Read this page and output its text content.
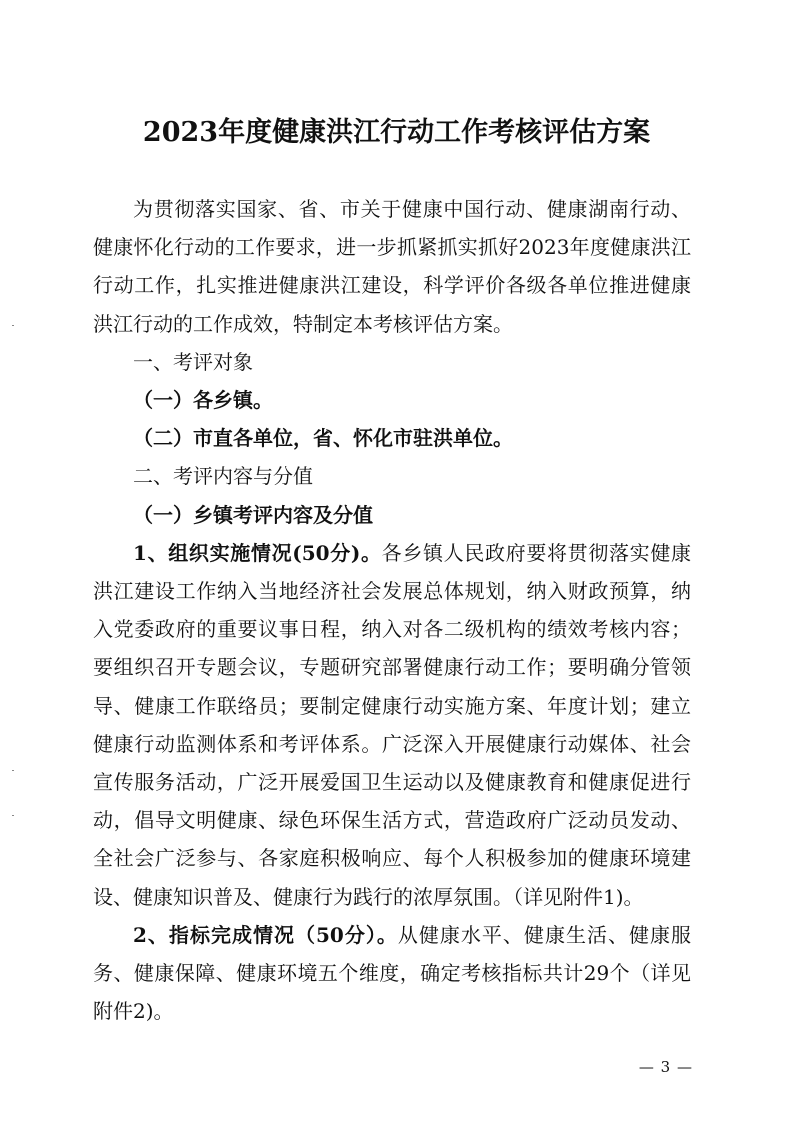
2023年度健康洪江行动工作考核评估方案

为贯彻落实国家、省、市关于健康中国行动、健康湖南行动、健康怀化行动的工作要求，进一步抓紧抓实抓好2023年度健康洪江行动工作，扎实推进健康洪江建设，科学评价各级各单位推进健康洪江行动的工作成效，特制定本考核评估方案。

一、考评对象

（一）各乡镇。

（二）市直各单位，省、怀化市驻洪单位。

二、考评内容与分值

（一）乡镇考评内容及分值

1、组织实施情况(50分)。各乡镇人民政府要将贯彻落实健康洪江建设工作纳入当地经济社会发展总体规划，纳入财政预算，纳入党委政府的重要议事日程，纳入对各二级机构的绩效考核内容；要组织召开专题会议，专题研究部署健康行动工作；要明确分管领导、健康工作联络员；要制定健康行动实施方案、年度计划；建立健康行动监测体系和考评体系。广泛深入开展健康行动媒体、社会宣传服务活动，广泛开展爱国卫生运动以及健康教育和健康促进行动，倡导文明健康、绿色环保生活方式，营造政府广泛动员发动、全社会广泛参与、各家庭积极响应、每个人积极参加的健康环境建设、健康知识普及、健康行为践行的浓厚氛围。（详见附件1)。

2、指标完成情况（50分）。从健康水平、健康生活、健康服务、健康保障、健康环境五个维度，确定考核指标共计29个（详见附件2)。

— 3 —
